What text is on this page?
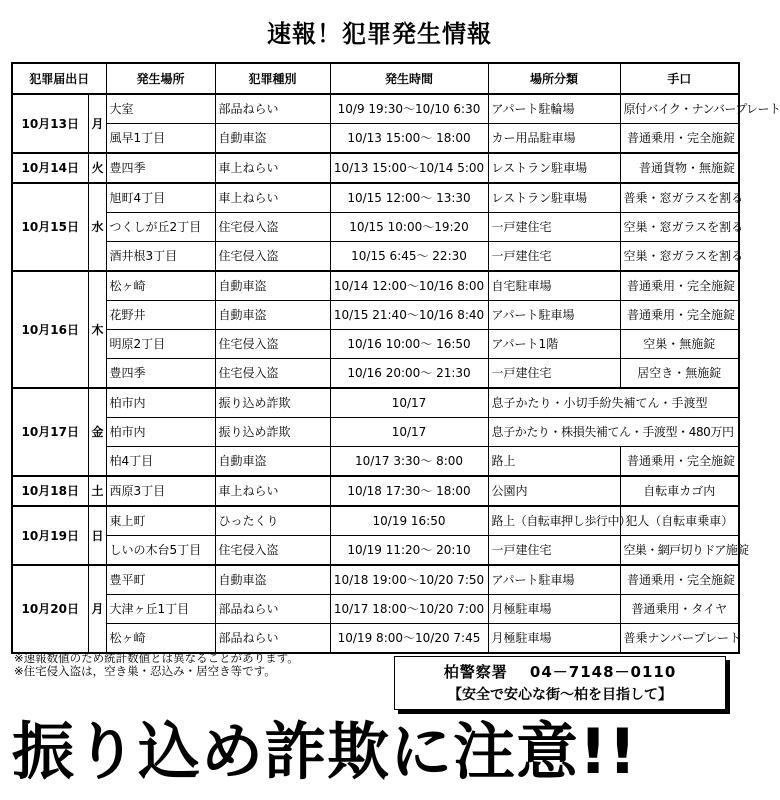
速報！犯罪発生情報
犯罪届出日		発生場所	犯罪種別	発生時間	場所分類	手口
10月13日	月	大室	部品ねらい	10/9 19:30～10/10 6:30	アパート駐輪場	原付バイク・ナンバープレート
		風早1丁目	自動車盗	10/13 15:00～ 18:00	カー用品駐車場	普通乗用・完全施錠
10月14日	火	豊四季	車上ねらい	10/13 15:00～10/14 5:00	レストラン駐車場	普通貨物・無施錠
10月15日	水	旭町4丁目	車上ねらい	10/15 12:00～ 13:30	レストラン駐車場	普乗・窓ガラスを割る
		つくしが丘2丁目	住宅侵入盗	10/15 10:00～19:20	一戸建住宅	空巣・窓ガラスを割る
		酒井根3丁目	住宅侵入盗	10/15 6:45～ 22:30	一戸建住宅	空巣・窓ガラスを割る
10月16日	木	松ヶ崎	自動車盗	10/14 12:00～10/16 8:00	自宅駐車場	普通乗用・完全施錠
		花野井	自動車盗	10/15 21:40～10/16 8:40	アパート駐車場	普通乗用・完全施錠
		明原2丁目	住宅侵入盗	10/16 10:00～ 16:50	アパート1階	空巣・無施錠
		豊四季	住宅侵入盗	10/16 20:00～ 21:30	一戸建住宅	居空き・無施錠
10月17日	金	柏市内	振り込め詐欺	10/17	息子かたり・小切手紛失補てん・手渡型	
		柏市内	振り込め詐欺	10/17	息子かたり・株損失補てん・手渡型・480万円	
		柏4丁目	自動車盗	10/17 3:30～ 8:00	路上	普通乗用・完全施錠
10月18日	土	西原3丁目	車上ねらい	10/18 17:30～ 18:00	公園内	自転車カゴ内
10月19日	日	東上町	ひったくり	10/19 16:50	路上（自転車押し歩行中）	犯人（自転車乗車）
		しいの木台5丁目	住宅侵入盗	10/19 11:20～ 20:10	一戸建住宅	空巣・網戸切りドア施錠
10月20日	月	豊平町	自動車盗	10/18 19:00～10/20 7:50	アパート駐車場	普通乗用・完全施錠
		大津ヶ丘1丁目	部品ねらい	10/17 18:00～10/20 7:00	月極駐車場	普通乗用・タイヤ
		松ヶ崎	部品ねらい	10/19 8:00～10/20 7:45	月極駐車場	普乗ナンバープレート
※速報数値のため統計数値とは異なることがあります。
※住宅侵入盗は，空き巣・忍込み・居空き等です。	柏警察署　 04－7148－0110
【安全で安心な街～柏を目指して】
振り込め詐欺に注意!!
